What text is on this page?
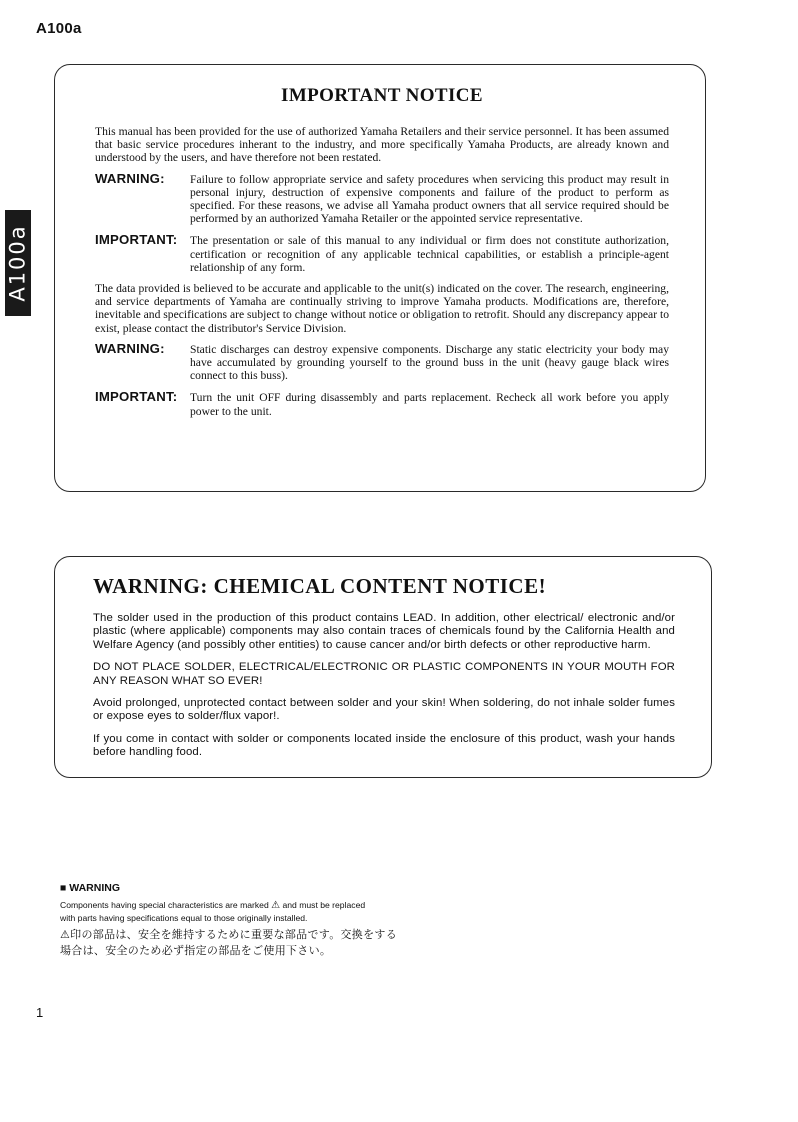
A100a
A100a
IMPORTANT NOTICE

This manual has been provided for the use of authorized Yamaha Retailers and their service personnel. It has been assumed that basic service procedures inherant to the industry, and more specifically Yamaha Products, are already known and understood by the users, and have therefore not been restated.

WARNING:	Failure to follow appropriate service and safety procedures when servicing this product may result in personal injury, destruction of expensive components and failure of the product to perform as specified. For these reasons, we advise all Yamaha product owners that all service required should be performed by an authorized Yamaha Retailer or the appointed service representative.
IMPORTANT:	The presentation or sale of this manual to any individual or firm does not constitute authorization, certification or recognition of any applicable technical capabilities, or establish a principle-agent relationship of any form.

The data provided is believed to be accurate and applicable to the unit(s) indicated on the cover. The research, engineering, and service departments of Yamaha are continually striving to improve Yamaha products. Modifications are, therefore, inevitable and specifications are subject to change without notice or obligation to retrofit. Should any discrepancy appear to exist, please contact the distributor's Service Division.

WARNING:	Static discharges can destroy expensive components. Discharge any static electricity your body may have accumulated by grounding yourself to the ground buss in the unit (heavy gauge black wires connect to this buss).
IMPORTANT:	Turn the unit OFF during disassembly and parts replacement. Recheck all work before you apply power to the unit.
WARNING: CHEMICAL CONTENT NOTICE!

The solder used in the production of this product contains LEAD. In addition, other electrical/ electronic and/or plastic (where applicable) components may also contain traces of chemicals found by the California Health and Welfare Agency (and possibly other entities) to cause cancer and/or birth defects or other reproductive harm.

DO NOT PLACE SOLDER, ELECTRICAL/ELECTRONIC OR PLASTIC COMPONENTS IN YOUR MOUTH FOR ANY REASON WHAT SO EVER!

Avoid prolonged, unprotected contact between solder and your skin! When soldering, do not inhale solder fumes or expose eyes to solder/flux vapor!.

If you come in contact with solder or components located inside the enclosure of this product, wash your hands before handling food.

■ WARNING
Components having special characteristics are marked ⚠ and must be replaced
with parts having specifications equal to those originally installed.
⚠印の部品は、安全を維持するために重要な部品です。交換をする
場合は、安全のため必ず指定の部品をご使用下さい。
1
